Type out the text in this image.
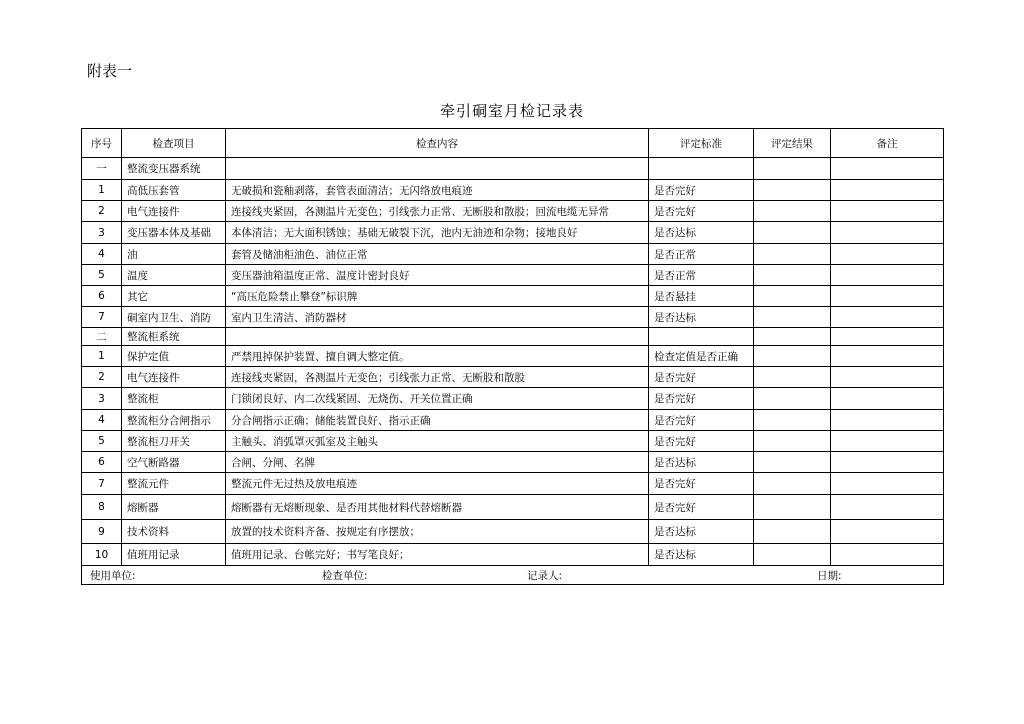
附表一
牵引硐室月检记录表
序号	检查项目	检查内容	评定标准	评定结果	备注
一	整流变压器系统				
1	高低压套管	无破损和瓷釉剥落，套管表面清洁；无闪络放电痕迹	是否完好		
2	电气连接件	连接线夹紧固，各测温片无变色；引线张力正常、无断股和散股；回流电缆无异常	是否完好		
3	变压器本体及基础	本体清洁；无大面积锈蚀；基础无破裂下沉，池内无油迹和杂物；接地良好	是否达标		
4	油	套管及储油柜油色、油位正常	是否正常		
5	温度	变压器油箱温度正常、温度计密封良好	是否正常		
6	其它	“高压危险禁止攀登”标识牌	是否悬挂		
7	硐室内卫生、消防	室内卫生清洁、消防器材	是否达标		
二	整流柜系统				
1	保护定值	严禁甩掉保护装置、擅自调大整定值。	检查定值是否正确		
2	电气连接件	连接线夹紧固，各测温片无变色；引线张力正常、无断股和散股	是否完好		
3	整流柜	门锁闭良好、内二次线紧固、无烧伤、开关位置正确	是否完好		
4	整流柜分合闸指示	分合闸指示正确；储能装置良好、指示正确	是否完好		
5	整流柜刀开关	主触头、消弧罩灭弧室及主触头	是否完好		
6	空气断路器	合闸、分闸、名牌	是否达标		
7	整流元件	整流元件无过热及放电痕迹	是否完好		
8	熔断器	熔断器有无熔断现象、是否用其他材料代替熔断器	是否完好		
9	技术资料	放置的技术资料齐备、按规定有序摆放；	是否达标		
10	值班用记录	值班用记录、台帐完好；书写笔良好；	是否达标		

使用单位: 检查单位: 记录人: 日期:					
